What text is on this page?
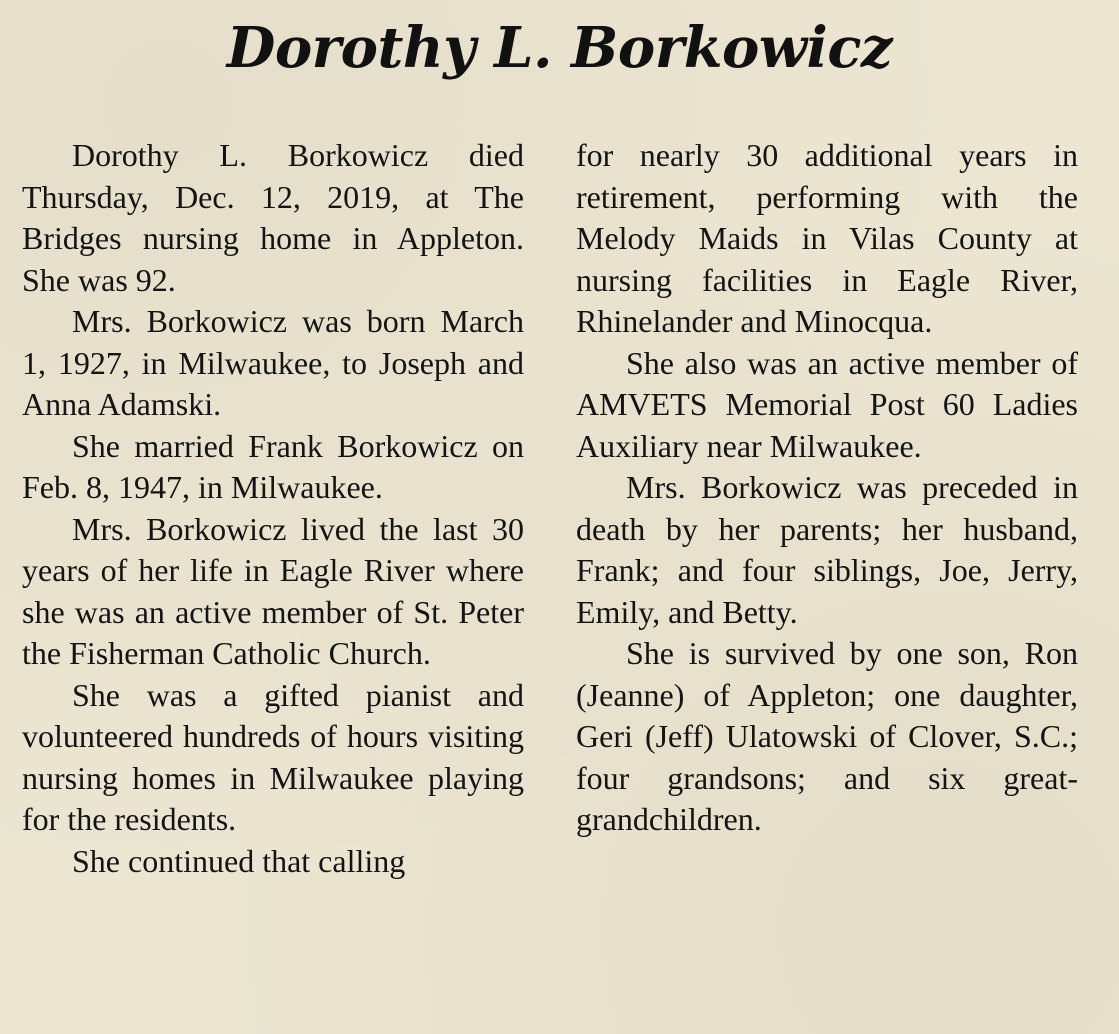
Dorothy L. Borkowicz

Dorothy L. Borkowicz died Thursday, Dec. 12, 2019, at The Bridges nursing home in Appleton. She was 92.

Mrs. Borkowicz was born March 1, 1927, in Milwaukee, to Joseph and Anna Adamski.

She married Frank Borkowicz on Feb. 8, 1947, in Milwaukee.

Mrs. Borkowicz lived the last 30 years of her life in Eagle River where she was an active member of St. Peter the Fisherman Catholic Church.

She was a gifted pianist and volunteered hundreds of hours visiting nursing homes in Milwaukee playing for the residents.

She continued that calling

for nearly 30 additional years in retirement, performing with the Melody Maids in Vilas County at nursing facilities in Eagle River, Rhinelander and Minocqua.

She also was an active member of AMVETS Memorial Post 60 Ladies Auxiliary near Milwaukee.

Mrs. Borkowicz was preceded in death by her parents; her husband, Frank; and four siblings, Joe, Jerry, Emily, and Betty.

She is survived by one son, Ron (Jeanne) of Appleton; one daughter, Geri (Jeff) Ulatowski of Clover, S.C.; four grandsons; and six great-grandchildren.
